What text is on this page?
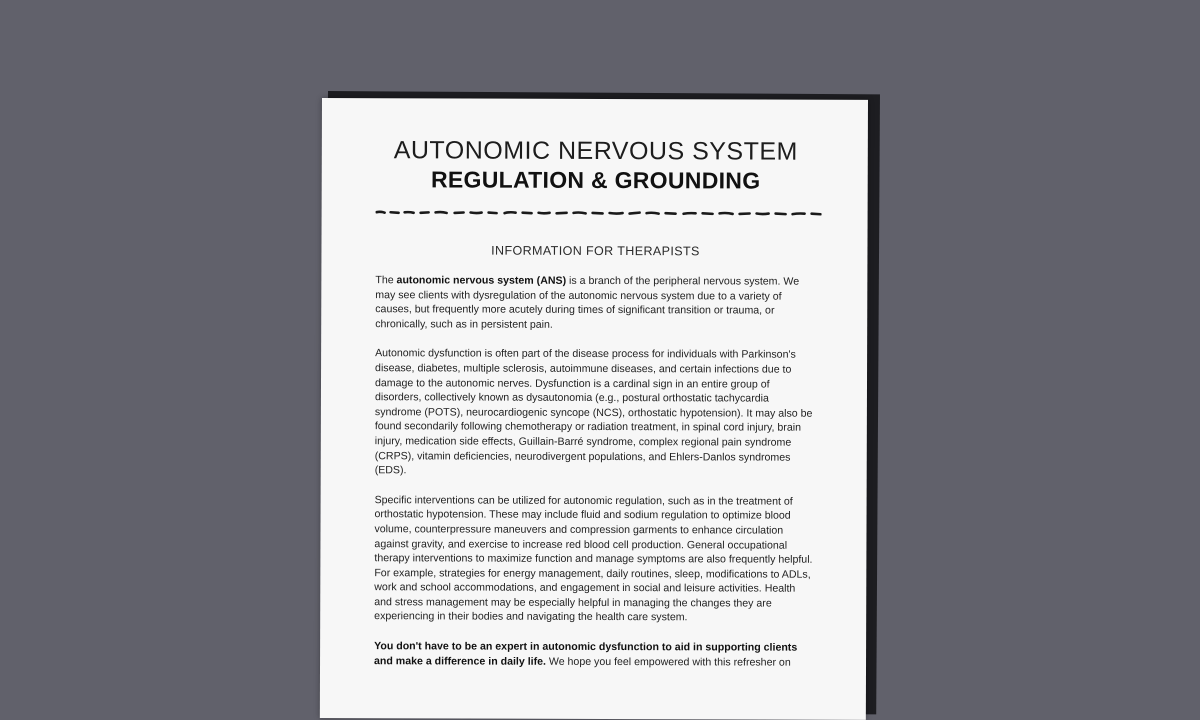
AUTONOMIC NERVOUS SYSTEM
REGULATION & GROUNDING
INFORMATION FOR THERAPISTS

The autonomic nervous system (ANS) is a branch of the peripheral nervous system. We may see clients with dysregulation of the autonomic nervous system due to a variety of causes, but frequently more acutely during times of significant transition or trauma, or chronically, such as in persistent pain.

Autonomic dysfunction is often part of the disease process for individuals with Parkinson's disease, diabetes, multiple sclerosis, autoimmune diseases, and certain infections due to damage to the autonomic nerves. Dysfunction is a cardinal sign in an entire group of disorders, collectively known as dysautonomia (e.g., postural orthostatic tachycardia syndrome (POTS), neurocardiogenic syncope (NCS), orthostatic hypotension). It may also be found secondarily following chemotherapy or radiation treatment, in spinal cord injury, brain injury, medication side effects, Guillain-Barré syndrome, complex regional pain syndrome (CRPS), vitamin deficiencies, neurodivergent populations, and Ehlers-Danlos syndromes (EDS).

Specific interventions can be utilized for autonomic regulation, such as in the treatment of orthostatic hypotension. These may include fluid and sodium regulation to optimize blood volume, counterpressure maneuvers and compression garments to enhance circulation against gravity, and exercise to increase red blood cell production. General occupational therapy interventions to maximize function and manage symptoms are also frequently helpful. For example, strategies for energy management, daily routines, sleep, modifications to ADLs, work and school accommodations, and engagement in social and leisure activities. Health and stress management may be especially helpful in managing the changes they are experiencing in their bodies and navigating the health care system.

You don't have to be an expert in autonomic dysfunction to aid in supporting clients and make a difference in daily life. We hope you feel empowered with this refresher on
